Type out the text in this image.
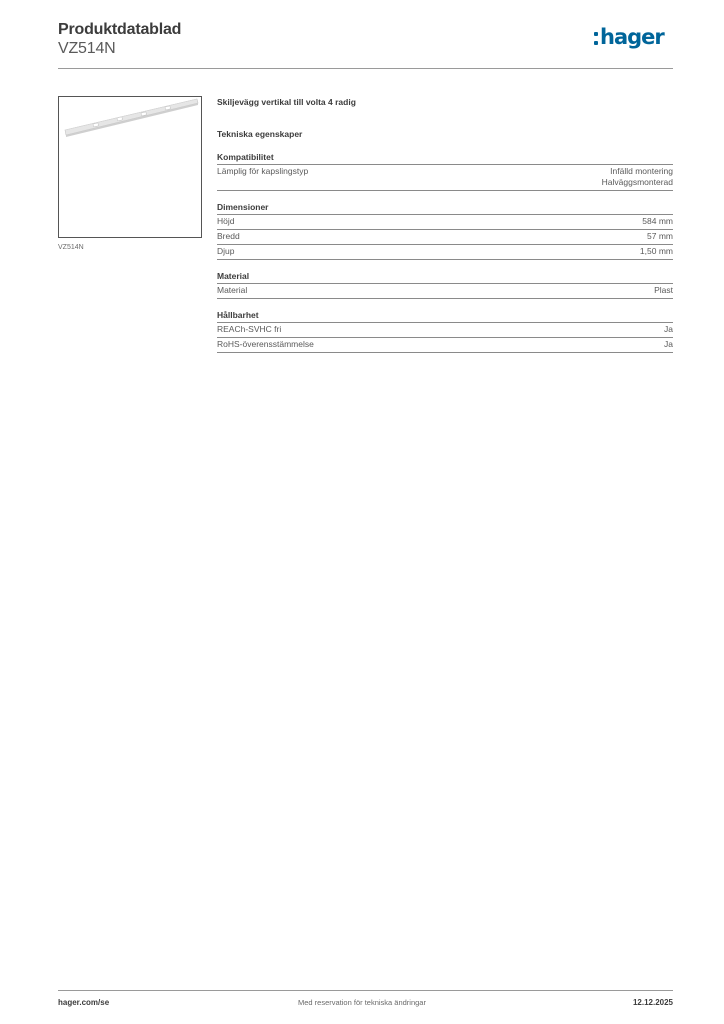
Produktdatablad
VZ514N	hager
VZ514N
Skiljevägg vertikal till volta 4 radig
Tekniska egenskaper
Kompatibilitet
Lämplig för kapslingstyp	Infälld montering
Halväggsmonterad
Dimensioner
Höjd	584 mm
Bredd	57 mm
Djup	1,50 mm
Material
Material	Plast
Hållbarhet
REACh-SVHC fri	Ja
RoHS-överensstämmelse	Ja
hager.com/se	Med reservation för tekniska ändringar	12.12.2025
